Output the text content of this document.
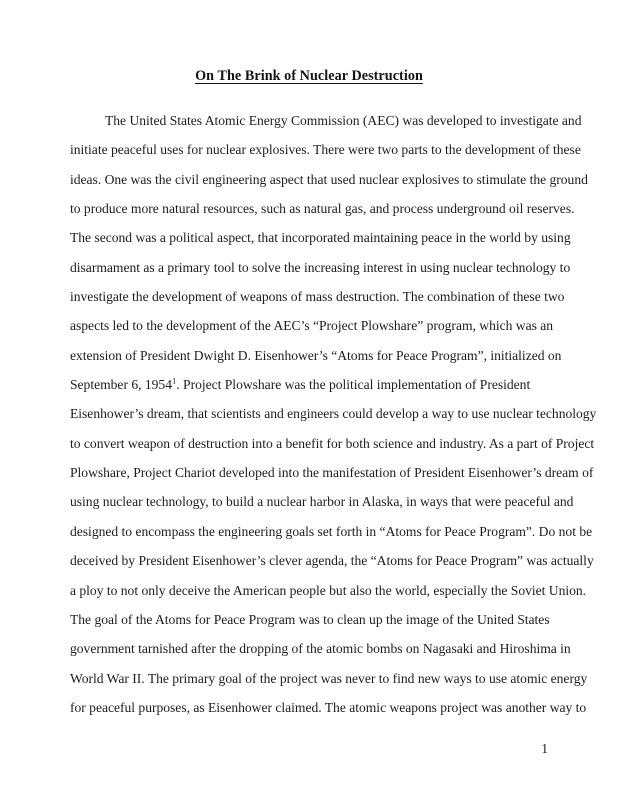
On The Brink of Nuclear Destruction
The United States Atomic Energy Commission (AEC) was developed to investigate and
initiate peaceful uses for nuclear explosives. There were two parts to the development of these
ideas. One was the civil engineering aspect that used nuclear explosives to stimulate the ground
to produce more natural resources, such as natural gas, and process underground oil reserves.
The second was a political aspect, that incorporated maintaining peace in the world by using
disarmament as a primary tool to solve the increasing interest in using nuclear technology to
investigate the development of weapons of mass destruction. The combination of these two
aspects led to the development of the AEC’s “Project Plowshare” program, which was an
extension of President Dwight D. Eisenhower’s “Atoms for Peace Program”, initialized on
September 6, 1954$^1$. Project Plowshare was the political implementation of President
Eisenhower’s dream, that scientists and engineers could develop a way to use nuclear technology
to convert weapon of destruction into a benefit for both science and industry. As a part of Project
Plowshare, Project Chariot developed into the manifestation of President Eisenhower’s dream of
using nuclear technology, to build a nuclear harbor in Alaska, in ways that were peaceful and
designed to encompass the engineering goals set forth in “Atoms for Peace Program”. Do not be
deceived by President Eisenhower’s clever agenda, the “Atoms for Peace Program” was actually
a ploy to not only deceive the American people but also the world, especially the Soviet Union.
The goal of the Atoms for Peace Program was to clean up the image of the United States
government tarnished after the dropping of the atomic bombs on Nagasaki and Hiroshima in
World War II. The primary goal of the project was never to find new ways to use atomic energy
for peaceful purposes, as Eisenhower claimed. The atomic weapons project was another way to
1
